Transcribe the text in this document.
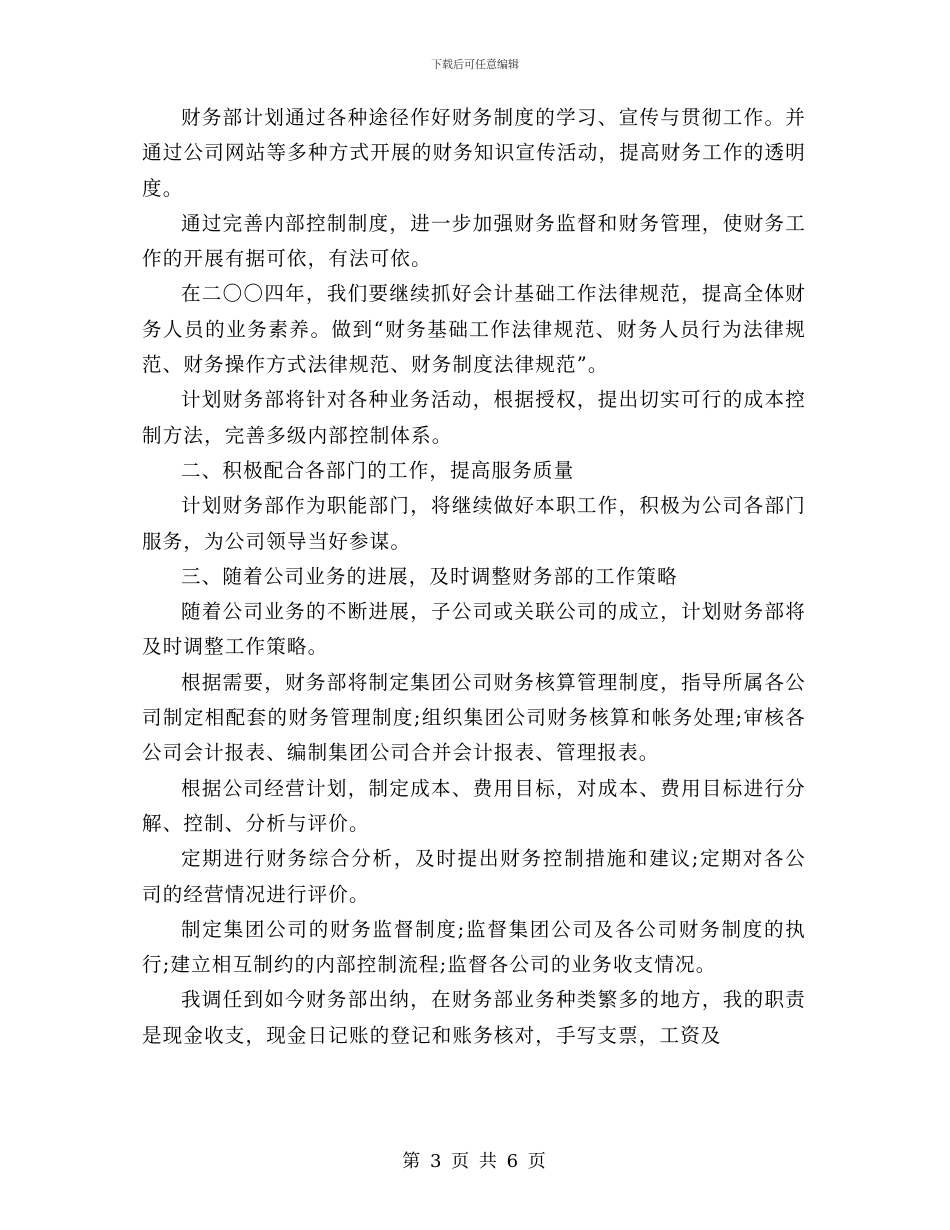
下载后可任意编辑

财务部计划通过各种途径作好财务制度的学习、宣传与贯彻工作。并通过公司网站等多种方式开展的财务知识宣传活动，提高财务工作的透明度。

通过完善内部控制制度，进一步加强财务监督和财务管理，使财务工作的开展有据可依，有法可依。

在二〇〇四年，我们要继续抓好会计基础工作法律规范，提高全体财务人员的业务素养。做到“财务基础工作法律规范、财务人员行为法律规范、财务操作方式法律规范、财务制度法律规范”。

计划财务部将针对各种业务活动，根据授权，提出切实可行的成本控制方法，完善多级内部控制体系。

二、积极配合各部门的工作，提高服务质量

计划财务部作为职能部门，将继续做好本职工作，积极为公司各部门服务，为公司领导当好参谋。

三、随着公司业务的进展，及时调整财务部的工作策略

随着公司业务的不断进展，子公司或关联公司的成立，计划财务部将及时调整工作策略。

根据需要，财务部将制定集团公司财务核算管理制度，指导所属各公司制定相配套的财务管理制度;组织集团公司财务核算和帐务处理;审核各公司会计报表、编制集团公司合并会计报表、管理报表。

根据公司经营计划，制定成本、费用目标，对成本、费用目标进行分解、控制、分析与评价。

定期进行财务综合分析，及时提出财务控制措施和建议;定期对各公司的经营情况进行评价。

制定集团公司的财务监督制度;监督集团公司及各公司财务制度的执行;建立相互制约的内部控制流程;监督各公司的业务收支情况。

我调任到如今财务部出纳，在财务部业务种类繁多的地方，我的职责是现金收支，现金日记账的登记和账务核对，手写支票，工资及

第 3 页 共 6 页
